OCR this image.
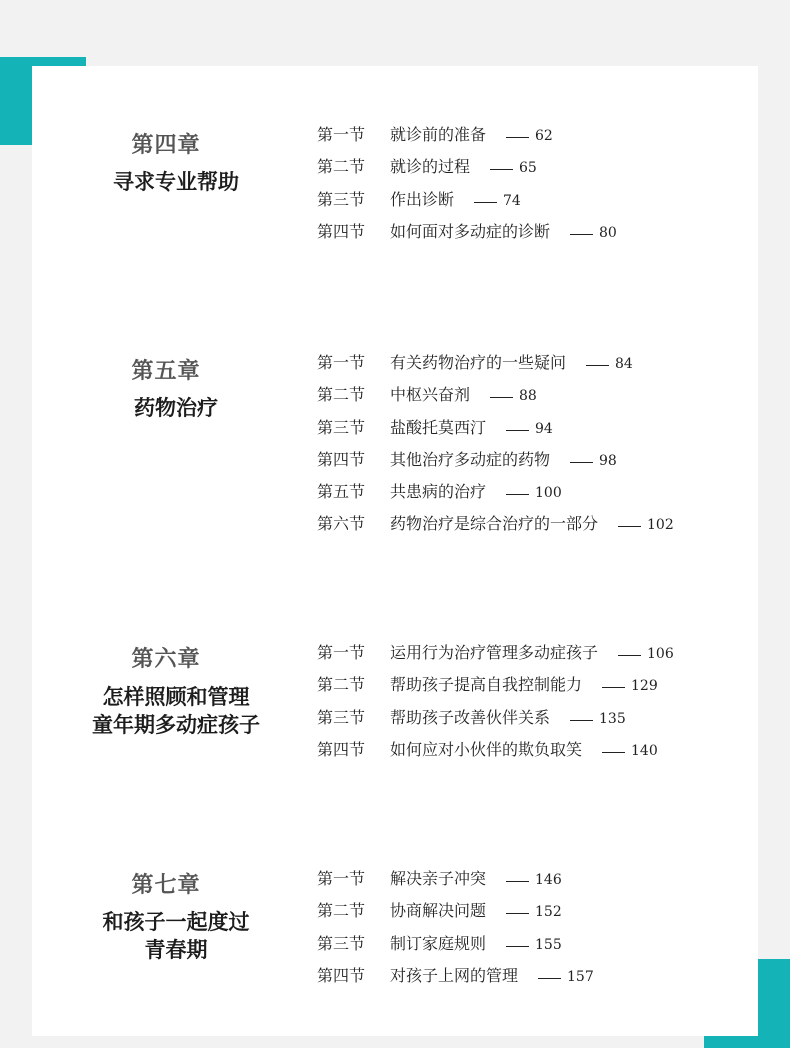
第四章
寻求专业帮助
第一节 就诊前的准备	62
第二节 就诊的过程	65
第三节 作出诊断	74
第四节 如何面对多动症的诊断	80
第五章
药物治疗
第一节 有关药物治疗的一些疑问	84
第二节 中枢兴奋剂	88
第三节 盐酸托莫西汀	94
第四节 其他治疗多动症的药物	98
第五节 共患病的治疗	100
第六节 药物治疗是综合治疗的一部分	102
第六章
怎样照顾和管理
童年期多动症孩子
第一节 运用行为治疗管理多动症孩子	106
第二节 帮助孩子提高自我控制能力	129
第三节 帮助孩子改善伙伴关系	135
第四节 如何应对小伙伴的欺负取笑	140
第七章
和孩子一起度过
青春期
第一节 解决亲子冲突	146
第二节 协商解决问题	152
第三节 制订家庭规则	155
第四节 对孩子上网的管理	157
